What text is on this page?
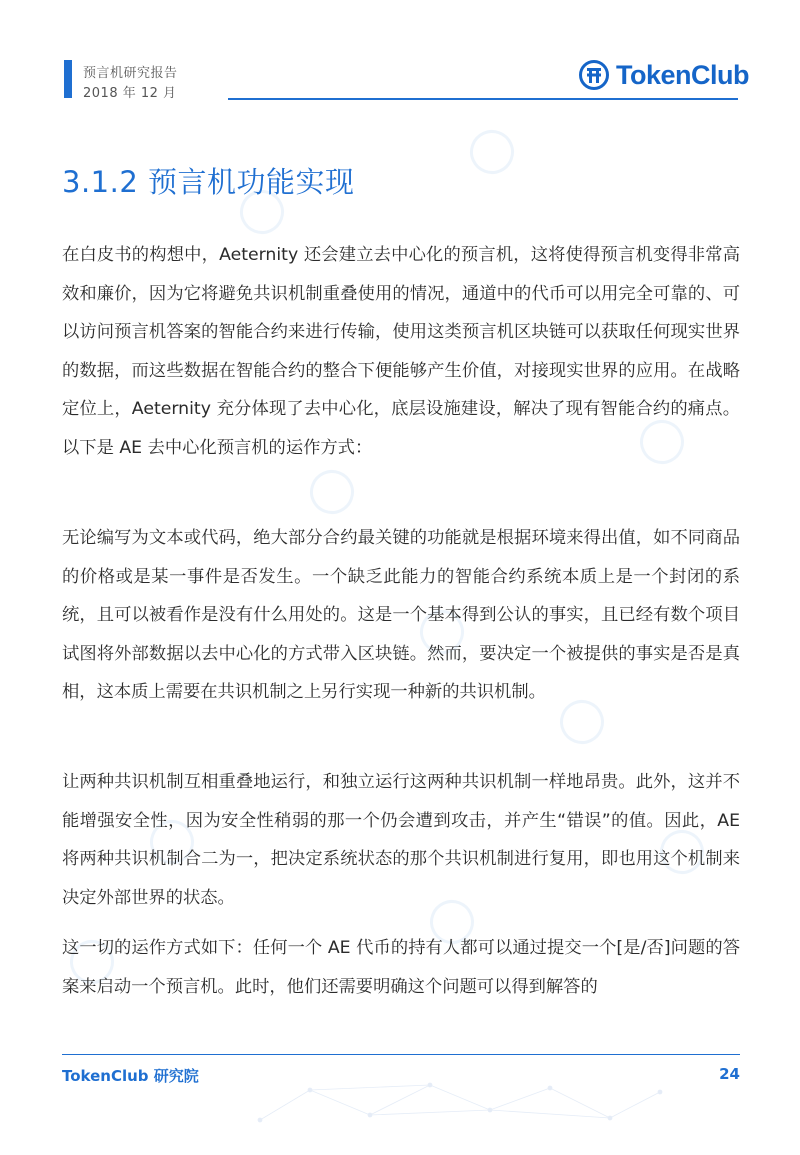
预言机研究报告
2018 年 12 月
TokenClub
3.1.2 预言机功能实现

在白皮书的构想中，Aeternity 还会建立去中心化的预言机，这将使得预言机变得非常高效和廉价，因为它将避免共识机制重叠使用的情况，通道中的代币可以用完全可靠的、可以访问预言机答案的智能合约来进行传输，使用这类预言机区块链可以获取任何现实世界的数据，而这些数据在智能合约的整合下便能够产生价值，对接现实世界的应用。在战略定位上，Aeternity 充分体现了去中心化，底层设施建设，解决了现有智能合约的痛点。以下是 AE 去中心化预言机的运作方式：

无论编写为文本或代码，绝大部分合约最关键的功能就是根据环境来得出值，如不同商品的价格或是某一事件是否发生。一个缺乏此能力的智能合约系统本质上是一个封闭的系统，且可以被看作是没有什么用处的。这是一个基本得到公认的事实，且已经有数个项目试图将外部数据以去中心化的方式带入区块链。然而，要决定一个被提供的事实是否是真相，这本质上需要在共识机制之上另行实现一种新的共识机制。

让两种共识机制互相重叠地运行，和独立运行这两种共识机制一样地昂贵。此外，这并不能增强安全性，因为安全性稍弱的那一个仍会遭到攻击，并产生“错误”的值。因此，AE 将两种共识机制合二为一，把决定系统状态的那个共识机制进行复用，即也用这个机制来决定外部世界的状态。

这一切的运作方式如下：任何一个 AE 代币的持有人都可以通过提交一个[是/否]问题的答案来启动一个预言机。此时，他们还需要明确这个问题可以得到解答的

TokenClub 研究院	24
